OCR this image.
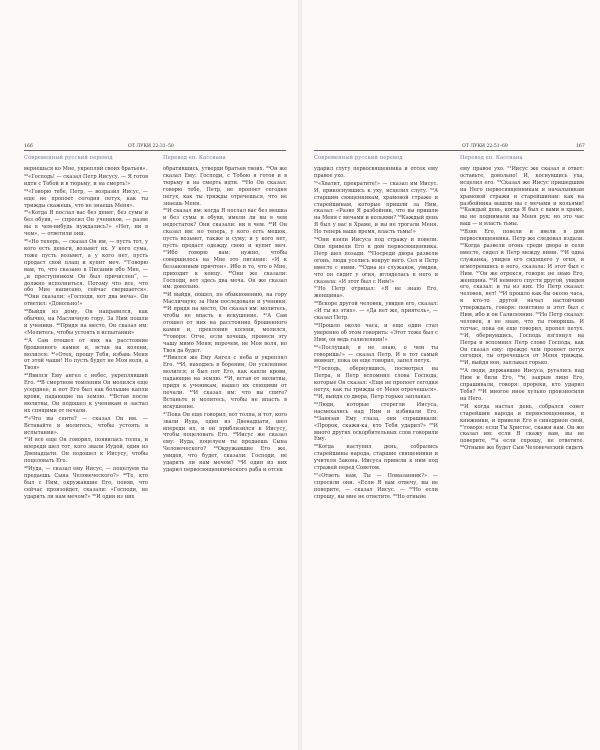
166	ОТ ЛУКИ 22:31–50
Современный русский перевод	Перевод еп. Кассиана

вернешься ко Мне, укрепляй своих братьев».

³³«Господь! — сказал Петр Иисусу. — Я готов идти с Тобой и в тюрьму, и на смерть!»

³⁴«Говорю тебе, Петр, — возразил Иисус, — еще не пропоет сегодня петух, как ты трижды скажешь, что не знаешь Меня».

³⁵«Когда Я послал вас без денег, без сумы и без обуви, — спросил Он учеников, — разве вы в чем-нибудь нуждались?» «Нет, ни в чем», — ответили они.

³⁶«Но теперь, — сказал Он им, — пусть тот, у кого есть деньги, возьмет их. У кого сума, тоже пусть возьмет, а у кого нет, пусть продаст свой плащ и купит меч. ³⁷Говорю вам, то, что сказано в Писании обо Мне, — „и преступником Он был причислен“, — должно исполниться. Потому что все, что обо Мне написано, сейчас свершается». ³⁸Они сказали: «Господи, вот два меча». Он ответил: «Довольно!»

³⁹Выйдя из дому, Он направился, как обычно, на Масличную гору. За Ним пошли и ученики. ⁴⁰Придя на место, Он сказал им: «Молитесь, чтобы устоять в испытании»

⁴¹А Сам отошел от них на расстояние брошенного камня и, встав на колени, молился: ⁴²«Отец, прошу Тебя, избавь Меня от этой чаши! Но пусть будет не Моя воля, а Твоя»

⁴³Явился Ему ангел с небес, укреплявший Его. ⁴⁴В смертном томлении Он молился еще усерднее, и пот Его был как большие капли крови, падающие на землю. ⁴⁵Встав после молитвы, Он подошел к ученикам и застал их спящими от печали.

⁴⁶«Что вы спите? — сказал Он им. — Вставайте и молитесь, чтобы устоять в испытании».

⁴⁷И все еще Он говорил, появилась толпа, и впереди шел тот, кого звали Иудой, один из Двенадцати. Он подошел к Иисусу, чтобы поцеловать Его.

⁴⁸Иуда, — сказал ему Иисус, — поцелуем ты предаешь Сына Человеческого?» ⁴⁹Те, кто был с Ним, окружавшие Его, поняв, что сейчас произойдет, сказали: «Господи, не ударить ли нам мечом?» ⁵⁰И один из них

обратившись, утверди братьев твоих. ³³Он же сказал Ему: Господи, с Тобою я готов и в тюрьму и на смерть идти. ³⁴Но Он сказал: говорю тебе, Петр, не пропоет сегодня петух, как ты трижды отречешься, что не знаешь Меня.

³⁵И сказал им: когда Я послал вас без мешка и без сумы и обуви, имели ли вы в чем недостаток? Они сказали: ни в чем. ³⁶И Он сказал им: но теперь, у кого есть мешок, пусть возьмет, также и суму; и у кого нет, пусть продаст одежду свою и купит меч. ³⁷Ибо говорю вам: нужно, чтобы совершилось на Мне это писание: «И к беззаконным причтен». Ибо и то, что о Мне, приходит к концу. ³⁸Они же сказали: Господи, вот здесь два меча. Он же сказал им: довольно.

³⁹И выйдя, пошел, по обыкновению, на гору Масличную; за Ним последовали и ученики. ⁴⁰И придя на место, Он сказал им: молитесь, чтобы не впасть в искушение. ⁴¹А Сам отошел от них на расстояние брошенного камня и, преклонив колени, молился, ⁴²говоря: Отче, если хочешь, пронеси эту чашу мимо Меня; впрочем, не Моя воля, но Твоя да будет.

⁴³Явился же Ему Ангел с неба и укреплял Его. ⁴⁴И, находясь в борении, Он усиленнее молился; и был пот Его, как капли крови, падающие на землю. ⁴⁵И, встав от молитвы, придя к ученикам, нашел их спящими от печали. ⁴⁶И сказал им: что вы спите? Встаньте и молитесь, чтобы не впасть в искушение.

⁴⁷Пока Он еще говорил, вот толпа, и тот, кого звали Иуда, один из Двенадцати, шел впереди их, и он приблизился к Иисусу, чтобы поцеловать Его. ⁴⁸Иисус же сказал ему: Иуда, поцелуем ты предаешь Сына Человеческого? ⁴⁹Окружавшие Его же, увидев, что будет, сказали: Господи, не ударить ли нам мечом? ⁵⁰И один из них ударил первосвященнического раба и отсек

ОТ ЛУКИ 22:51–69	167
Современный русский перевод	Перевод еп. Кассиана

ударил слугу первосвященника и отсек ему правое ухо.

⁵¹«Хватит, прекратите!» — сказал им Иисус. И, прикоснувшись к уху, исцелил слугу. ⁵²А старшим священникам, храмовой страже и старейшинам, которые пришли за Ним, сказал: «Разве Я разбойник, что вы пришли на Меня с мечами и кольями? ⁵³Каждый день Я был у вас в Храме, и вы не трогали Меня. Но теперь ваше время, власть тьмы!»

⁵⁴Они взяли Иисуса под стражу и повели. Они привели Его в дом первосвященника. Петр шел позади. ⁵⁵Посреди двора развели огонь, люди уселись вокруг него. Сел и Петр вместе с ними. ⁵⁶Одна из служанок, увидев, что он сидит у огня, вгляделась в него и сказала: «И этот был с Ним!»

⁵⁷Но Петр отрицал: «Я не знаю Его, женщина».

⁵⁸Вскоре другой человек, увидев его, сказал: «И ты из этих». — «Да нет же, приятель», — сказал Петр.

⁵⁹Прошло около часа, и еще один стал уверенно об этом говорить: «Этот тоже был с Ним, он ведь галилеянин!»

⁶⁰«Послушай, я не знаю, о чем ты говоришь!» — сказал Петр. И в тот самый момент, пока он еще говорил, запел петух.

⁶¹Господь, обернувшись, посмотрел на Петра, и Петр вспомнил слова Господа, которые Он сказал: «Еще не пропоет сегодня петух, как ты трижды от Меня отречешься». ⁶²И, выйдя со двора, Петр горько заплакал.

⁶³Люди, которые стерегли Иисуса, насмехались над Ним и избивали Его. ⁶⁴Завязав Ему глаза, они спрашивали: «Пророк, скажи-ка, кто Тебя ударил?» ⁶⁵И много других оскорбительных слов говорили Ему.

⁶⁶Когда наступил день, собрались старейшины народа, старшие священники и учителя Закона. Иисуса привели к ним под стражей перед Советом.

⁶⁷«Ответь нам, Ты — Помазанник?» — спросили они. «Если Я вам отвечу, вы не поверите, — сказал Иисус. — ⁶⁸Но если спрошу, вы мне не ответите. ⁶⁹Но отныне

ему правое ухо. ⁵¹Иисус же сказал в ответ: оставьте, довольно! И, коснувшись уха, исцелил его. ⁵²Сказал же Иисус пришедшим на Него первосвященникам и начальникам храмовой стражи и старейшинам: как на разбойника вышли вы с мечами и кольями! ⁵³Каждый день, когда Я был с вами в храме, вы не поднимали на Меня рук; но это час ваш — и власть тьмы.

⁵⁴Взяв Его, повели и ввели в дом первосвященника. Петр же следовал издали. ⁵⁵Когда развели огонь среди двора и сели вместе, сидел и Петр между ними. ⁵⁶И одна служанка, увидев его сидящего у огня, и всмотревшись в него, сказала: И этот был с Ним. ⁵⁷Он же отрекся, говоря: не знаю Его, женщина. ⁵⁸И немного спустя другой, увидев его, сказал: и ты из них. Но Петр сказал: человек, нет! ⁵⁹И прошло как бы около часа, и кто-то другой начал настойчиво утверждать, говоря: поистине и этот был с Ним, ибо и он Галилеянин. ⁶⁰Но Петр сказал: человек, я не знаю, что ты говоришь. И тотчас, пока он еще говорил, пропел петух. ⁶¹И, обернувшись, Господь взглянул на Петра и вспомнил Петр слово Господа, как Он сказал ему: прежде чем пропоет петух сегодня, ты отречешься от Меня трижды. ⁶²И, выйдя вон, заплакал горько.

⁶³А люди, державшие Иисуса, ругались над Ним и били Его, ⁶⁴и, закрыв лицо Его, спрашивали, говоря: прореки, кто ударил Тебя? ⁶⁵И многое иное хульно произносили на Него.

⁶⁶И когда настал день, собрался совет старейшин народа и первосвященники, и книжники, и привели Его в синедрион свой, ⁶⁷говоря: если Ты Христос, скажи нам. Он же сказал им: если Я скажу вам, вы не поверите, ⁶⁸а если спрошу, не ответите. ⁶⁹Отныне же будет Сын Человеческий сидеть
